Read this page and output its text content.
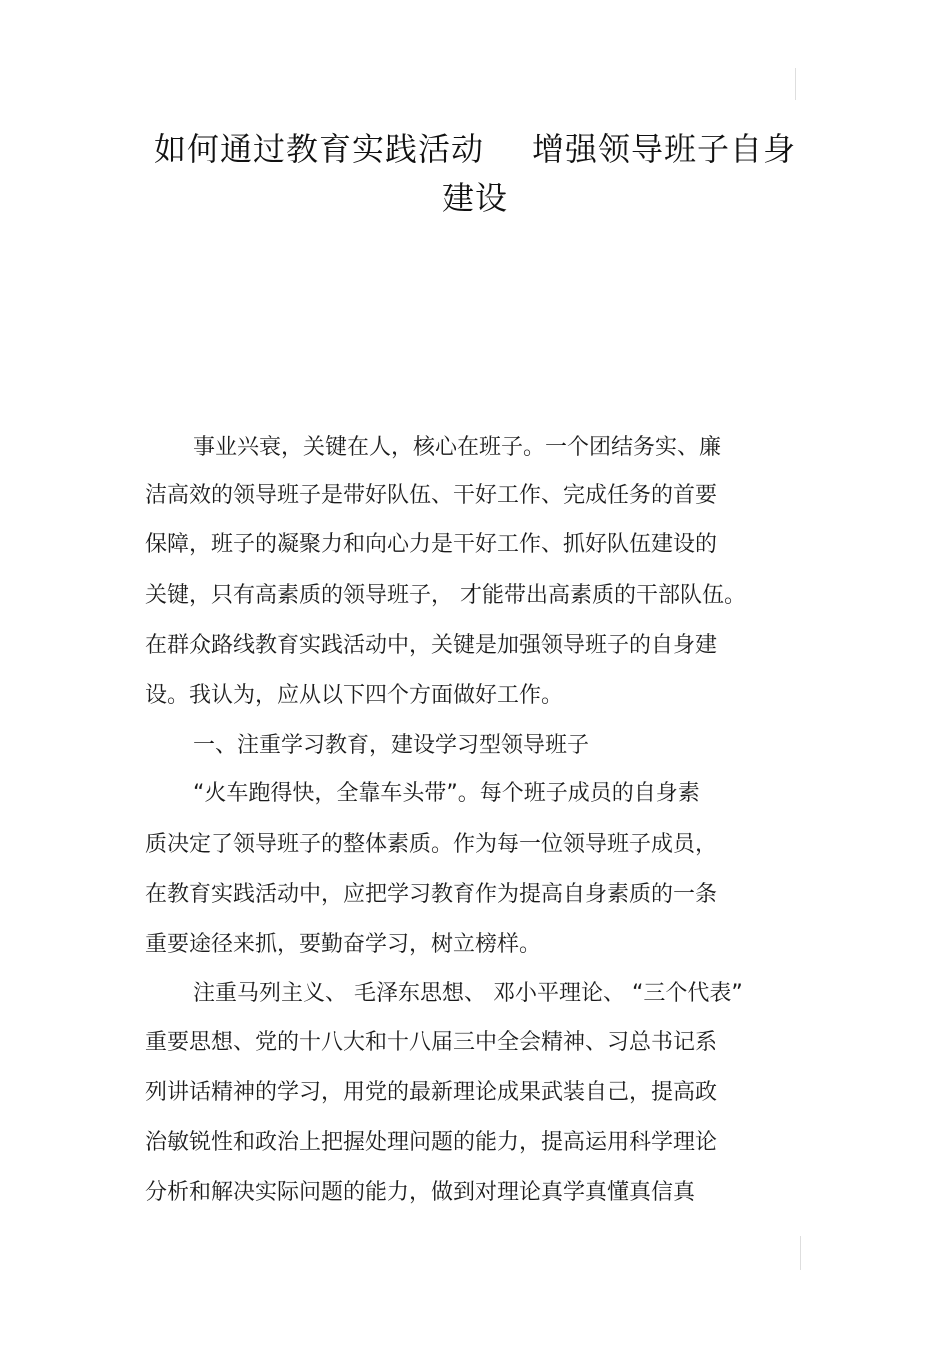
如何通过教育实践活动 增强领导班子自身
建设
事业兴衰，关键在人，核心在班子。一个团结务实、廉
洁高效的领导班子是带好队伍、干好工作、完成任务的首要
保障，班子的凝聚力和向心力是干好工作、抓好队伍建设的
关键，只有高素质的领导班子， 才能带出高素质的干部队伍。
在群众路线教育实践活动中，关键是加强领导班子的自身建
设。我认为，应从以下四个方面做好工作。
一、注重学习教育，建设学习型领导班子
“火车跑得快，全靠车头带”。每个班子成员的自身素
质决定了领导班子的整体素质。作为每一位领导班子成员，
在教育实践活动中，应把学习教育作为提高自身素质的一条
重要途径来抓，要勤奋学习，树立榜样。
注重马列主义、 毛泽东思想、 邓小平理论、 “三个代表”
重要思想、党的十八大和十八届三中全会精神、习总书记系
列讲话精神的学习，用党的最新理论成果武装自己，提高政
治敏锐性和政治上把握处理问题的能力，提高运用科学理论
分析和解决实际问题的能力，做到对理论真学真懂真信真
